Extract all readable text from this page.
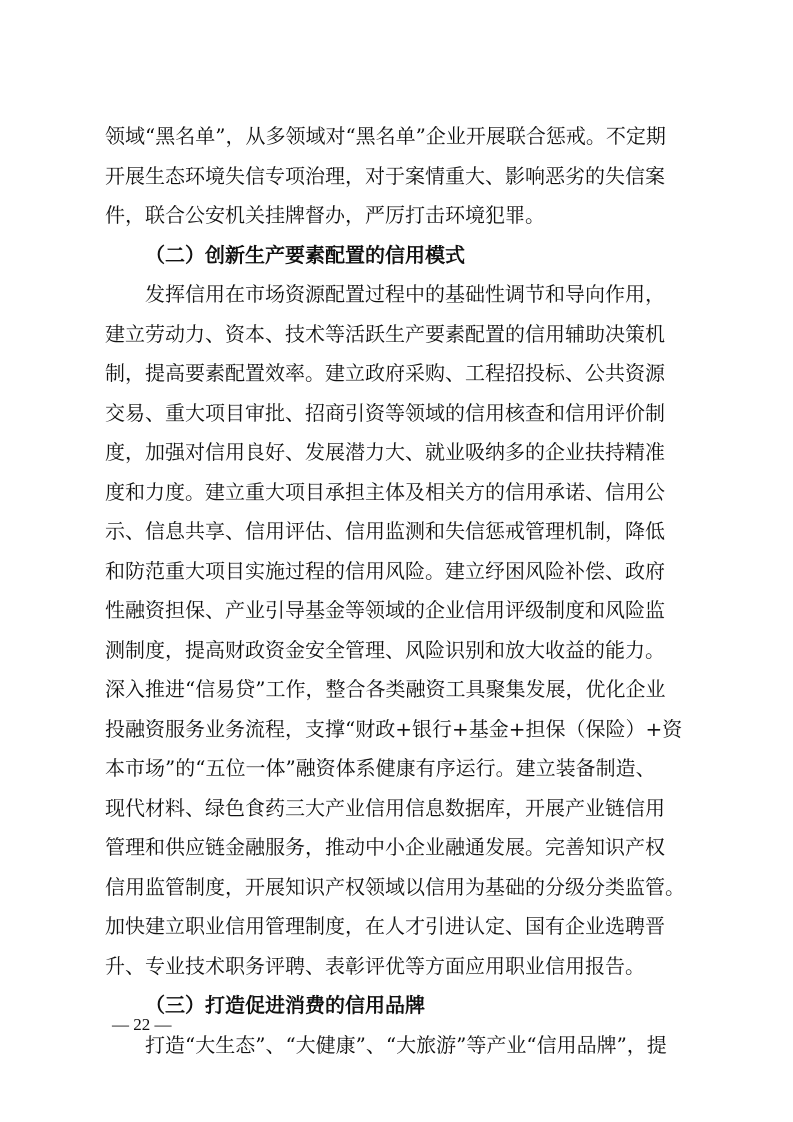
领域“黑名单”，从多领域对“黑名单”企业开展联合惩戒。不定期
开展生态环境失信专项治理，对于案情重大、影响恶劣的失信案
件，联合公安机关挂牌督办，严厉打击环境犯罪。
（二）创新生产要素配置的信用模式
发挥信用在市场资源配置过程中的基础性调节和导向作用，
建立劳动力、资本、技术等活跃生产要素配置的信用辅助决策机
制，提高要素配置效率。建立政府采购、工程招投标、公共资源
交易、重大项目审批、招商引资等领域的信用核查和信用评价制
度，加强对信用良好、发展潜力大、就业吸纳多的企业扶持精准
度和力度。建立重大项目承担主体及相关方的信用承诺、信用公
示、信息共享、信用评估、信用监测和失信惩戒管理机制，降低
和防范重大项目实施过程的信用风险。建立纾困风险补偿、政府
性融资担保、产业引导基金等领域的企业信用评级制度和风险监
测制度，提高财政资金安全管理、风险识别和放大收益的能力。
深入推进“信易贷”工作，整合各类融资工具聚集发展，优化企业
投融资服务业务流程，支撑“财政+银行+基金+担保（保险）+资
本市场”的“五位一体”融资体系健康有序运行。建立装备制造、
现代材料、绿色食药三大产业信用信息数据库，开展产业链信用
管理和供应链金融服务，推动中小企业融通发展。完善知识产权
信用监管制度，开展知识产权领域以信用为基础的分级分类监管。
加快建立职业信用管理制度，在人才引进认定、国有企业选聘晋
升、专业技术职务评聘、表彰评优等方面应用职业信用报告。
（三）打造促进消费的信用品牌
打造“大生态”、“大健康”、“大旅游”等产业“信用品牌”，提
— 22 —
